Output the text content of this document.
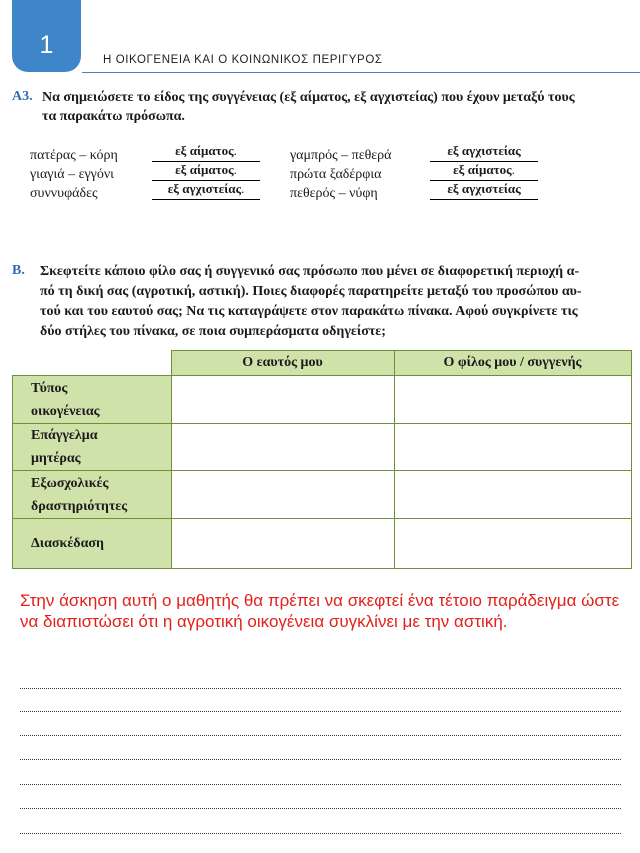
1
Η ΟΙΚΟΓΕΝΕΙΑ ΚΑΙ Ο ΚΟΙΝΩΝΙΚΟΣ ΠΕΡΙΓΥΡΟΣ
Α3. Να σημειώσετε το είδος της συγγένειας (εξ αίματος, εξ αγχιστείας) που έχουν μεταξύ τους
τα παρακάτω πρόσωπα.
πατέρας – κόρη	εξ αίματος.
γιαγιά – εγγόνι	εξ αίματος.
συννυφάδες	εξ αγχιστείας.
γαμπρός – πεθερά	εξ αγχιστείας
πρώτα ξαδέρφια	εξ αίματος.
πεθερός – νύφη	εξ αγχιστείας
Β. Σκεφτείτε κάποιο φίλο σας ή συγγενικό σας πρόσωπο που μένει σε διαφορετική περιοχή α-
πό τη δική σας (αγροτική, αστική). Ποιες διαφορές παρατηρείτε μεταξύ του προσώπου αυ-
τού και του εαυτού σας; Να τις καταγράψετε στον παρακάτω πίνακα. Αφού συγκρίνετε τις
δύο στήλες του πίνακα, σε ποια συμπεράσματα οδηγείστε;
	Ο εαυτός μου	Ο φίλος μου / συγγενής

Τύπος
οικογένειας		

Επάγγελμα
μητέρας		

Εξωσχολικές
δραστηριότητες		

Διασκέδαση		

Στην άσκηση αυτή ο μαθητής θα πρέπει να σκεφτεί ένα τέτοιο παράδειγμα ώστε να διαπιστώσει ότι η αγροτική οικογένεια συγκλίνει με την αστική.
